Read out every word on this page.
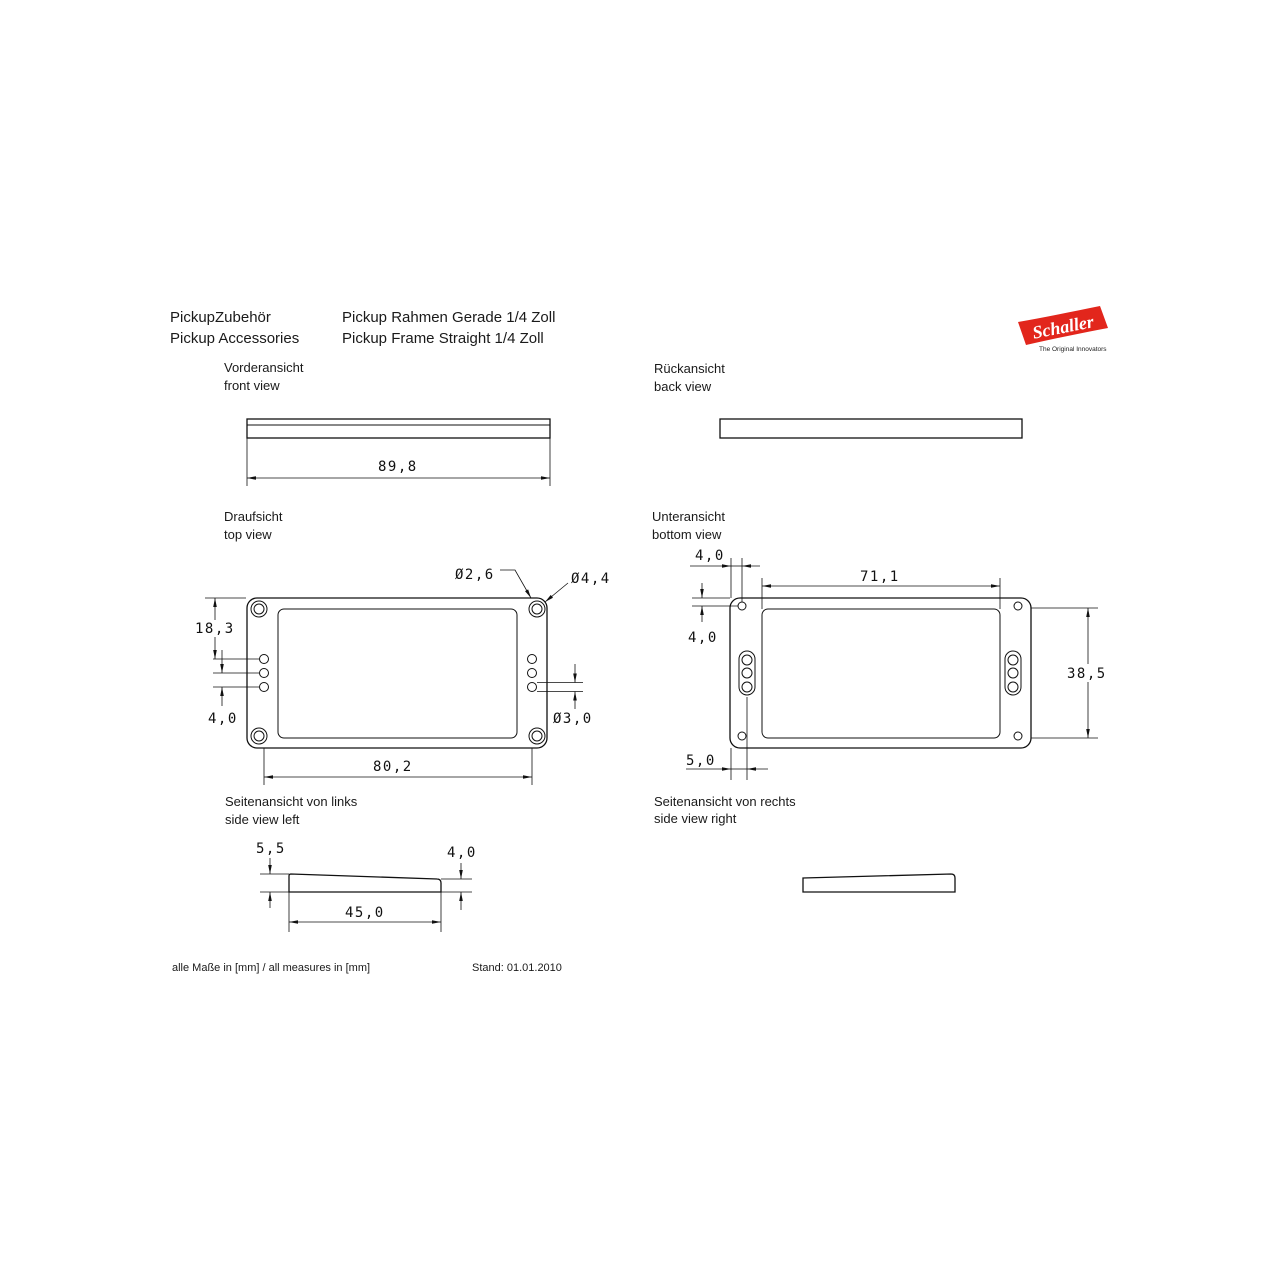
PickupZubehör
Pickup Accessories
Pickup Rahmen Gerade 1/4 Zoll
Pickup Frame Straight 1/4 Zoll	Schaller
The Original Innovators
Vorderansicht
front view
89,8
Rückansicht
back view
Draufsicht
top view
18,3
4,0
Ø2,6	Ø4,4
Ø3,0
80,2
Unteransicht
bottom view
4,0
71,1
4,0
38,5
5,0
Seitenansicht von links
side view left
5,5	4,0
45,0
Seitenansicht von rechts
side view right
alle Maße in [mm] / all measures in [mm]	Stand: 01.01.2010
